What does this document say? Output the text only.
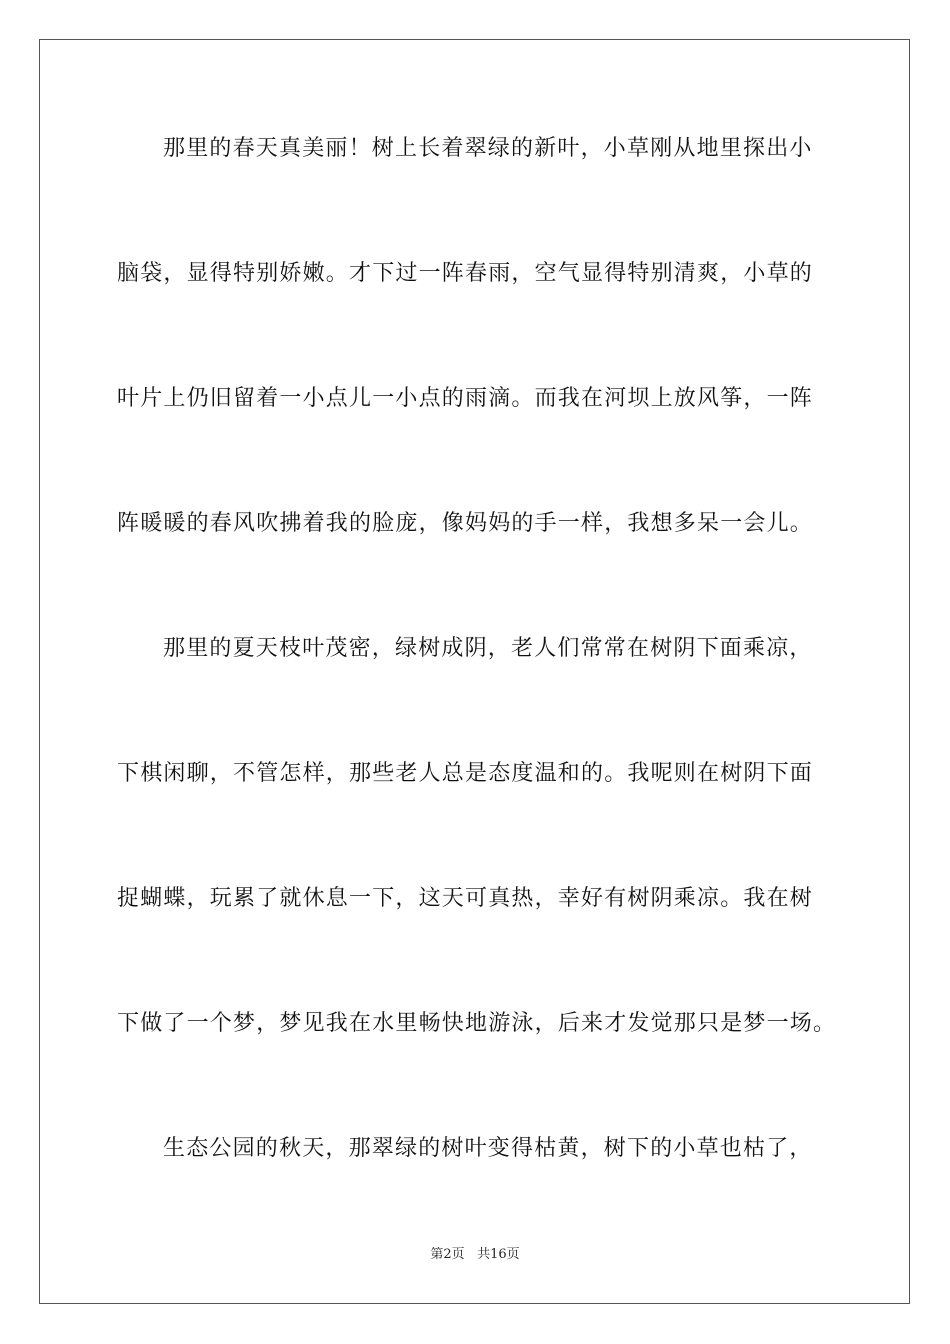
那里的春天真美丽！树上长着翠绿的新叶，小草刚从地里探出小
脑袋，显得特别娇嫩。才下过一阵春雨，空气显得特别清爽，小草的
叶片上仍旧留着一小点儿一小点的雨滴。而我在河坝上放风筝，一阵
阵暖暖的春风吹拂着我的脸庞，像妈妈的手一样，我想多呆一会儿。
那里的夏天枝叶茂密，绿树成阴，老人们常常在树阴下面乘凉，
下棋闲聊，不管怎样，那些老人总是态度温和的。我呢则在树阴下面
捉蝴蝶，玩累了就休息一下，这天可真热，幸好有树阴乘凉。我在树
下做了一个梦，梦见我在水里畅快地游泳，后来才发觉那只是梦一场。
生态公园的秋天，那翠绿的树叶变得枯黄，树下的小草也枯了，
第2页 共16页
